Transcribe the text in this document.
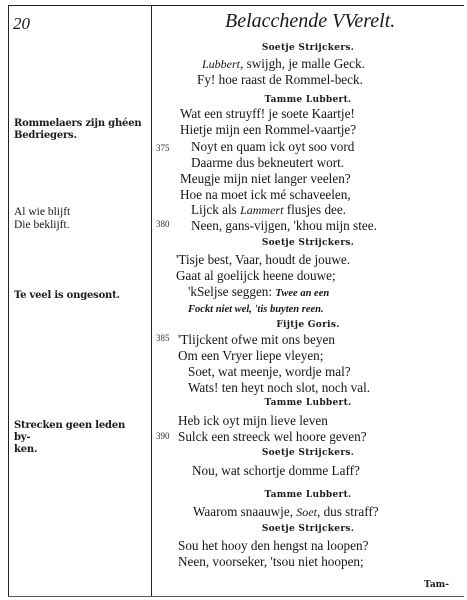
20	Belacchende VVerelt.
Rommelaers zijn ghéen
Bedriegers.
Al wie blijft
Die beklijft.
Te veel is ongesont.
Strecken geen leden by-
ken.
375
380
385
390
Soetje Strijckers.
Tamme Lubbert.
Soetje Strijckers.
Fijtje Goris.
Tamme Lubbert.
Soetje Strijckers.
Tamme Lubbert.
Soetje Strijckers.
Lubbert, swijgh, je malle Geck.
Fy! hoe raast de Rommel-beck.
Wat een struyff! je soete Kaartje!
Hietje mijn een Rommel-vaartje?
Noyt en quam ick oyt soo vord
Daarme dus bekneutert wort.
Meugje mijn niet langer veelen?
Hoe na moet ick mé schaveelen,
Lijck als Lammert flusjes dee.
Neen, gans-vijgen, 'khou mijn stee.
'Tisje best, Vaar, houdt de jouwe.
Gaat al goelijck heene douwe;
'kSeljse seggen: Twee an een
Fockt niet wel, 'tis buyten reen.
'Tlijckent ofwe mit ons beyen
Om een Vryer liepe vleyen;
Soet, wat meenje, wordje mal?
Wats! ten heyt noch slot, noch val.
Heb ick oyt mijn lieve leven
Sulck een streeck wel hoore geven?
Nou, wat schortje domme Laff?
Waarom snaauwje, Soet, dus straff?
Sou het hooy den hengst na loopen?
Neen, voorseker, 'tsou niet hoopen;
Tam-
